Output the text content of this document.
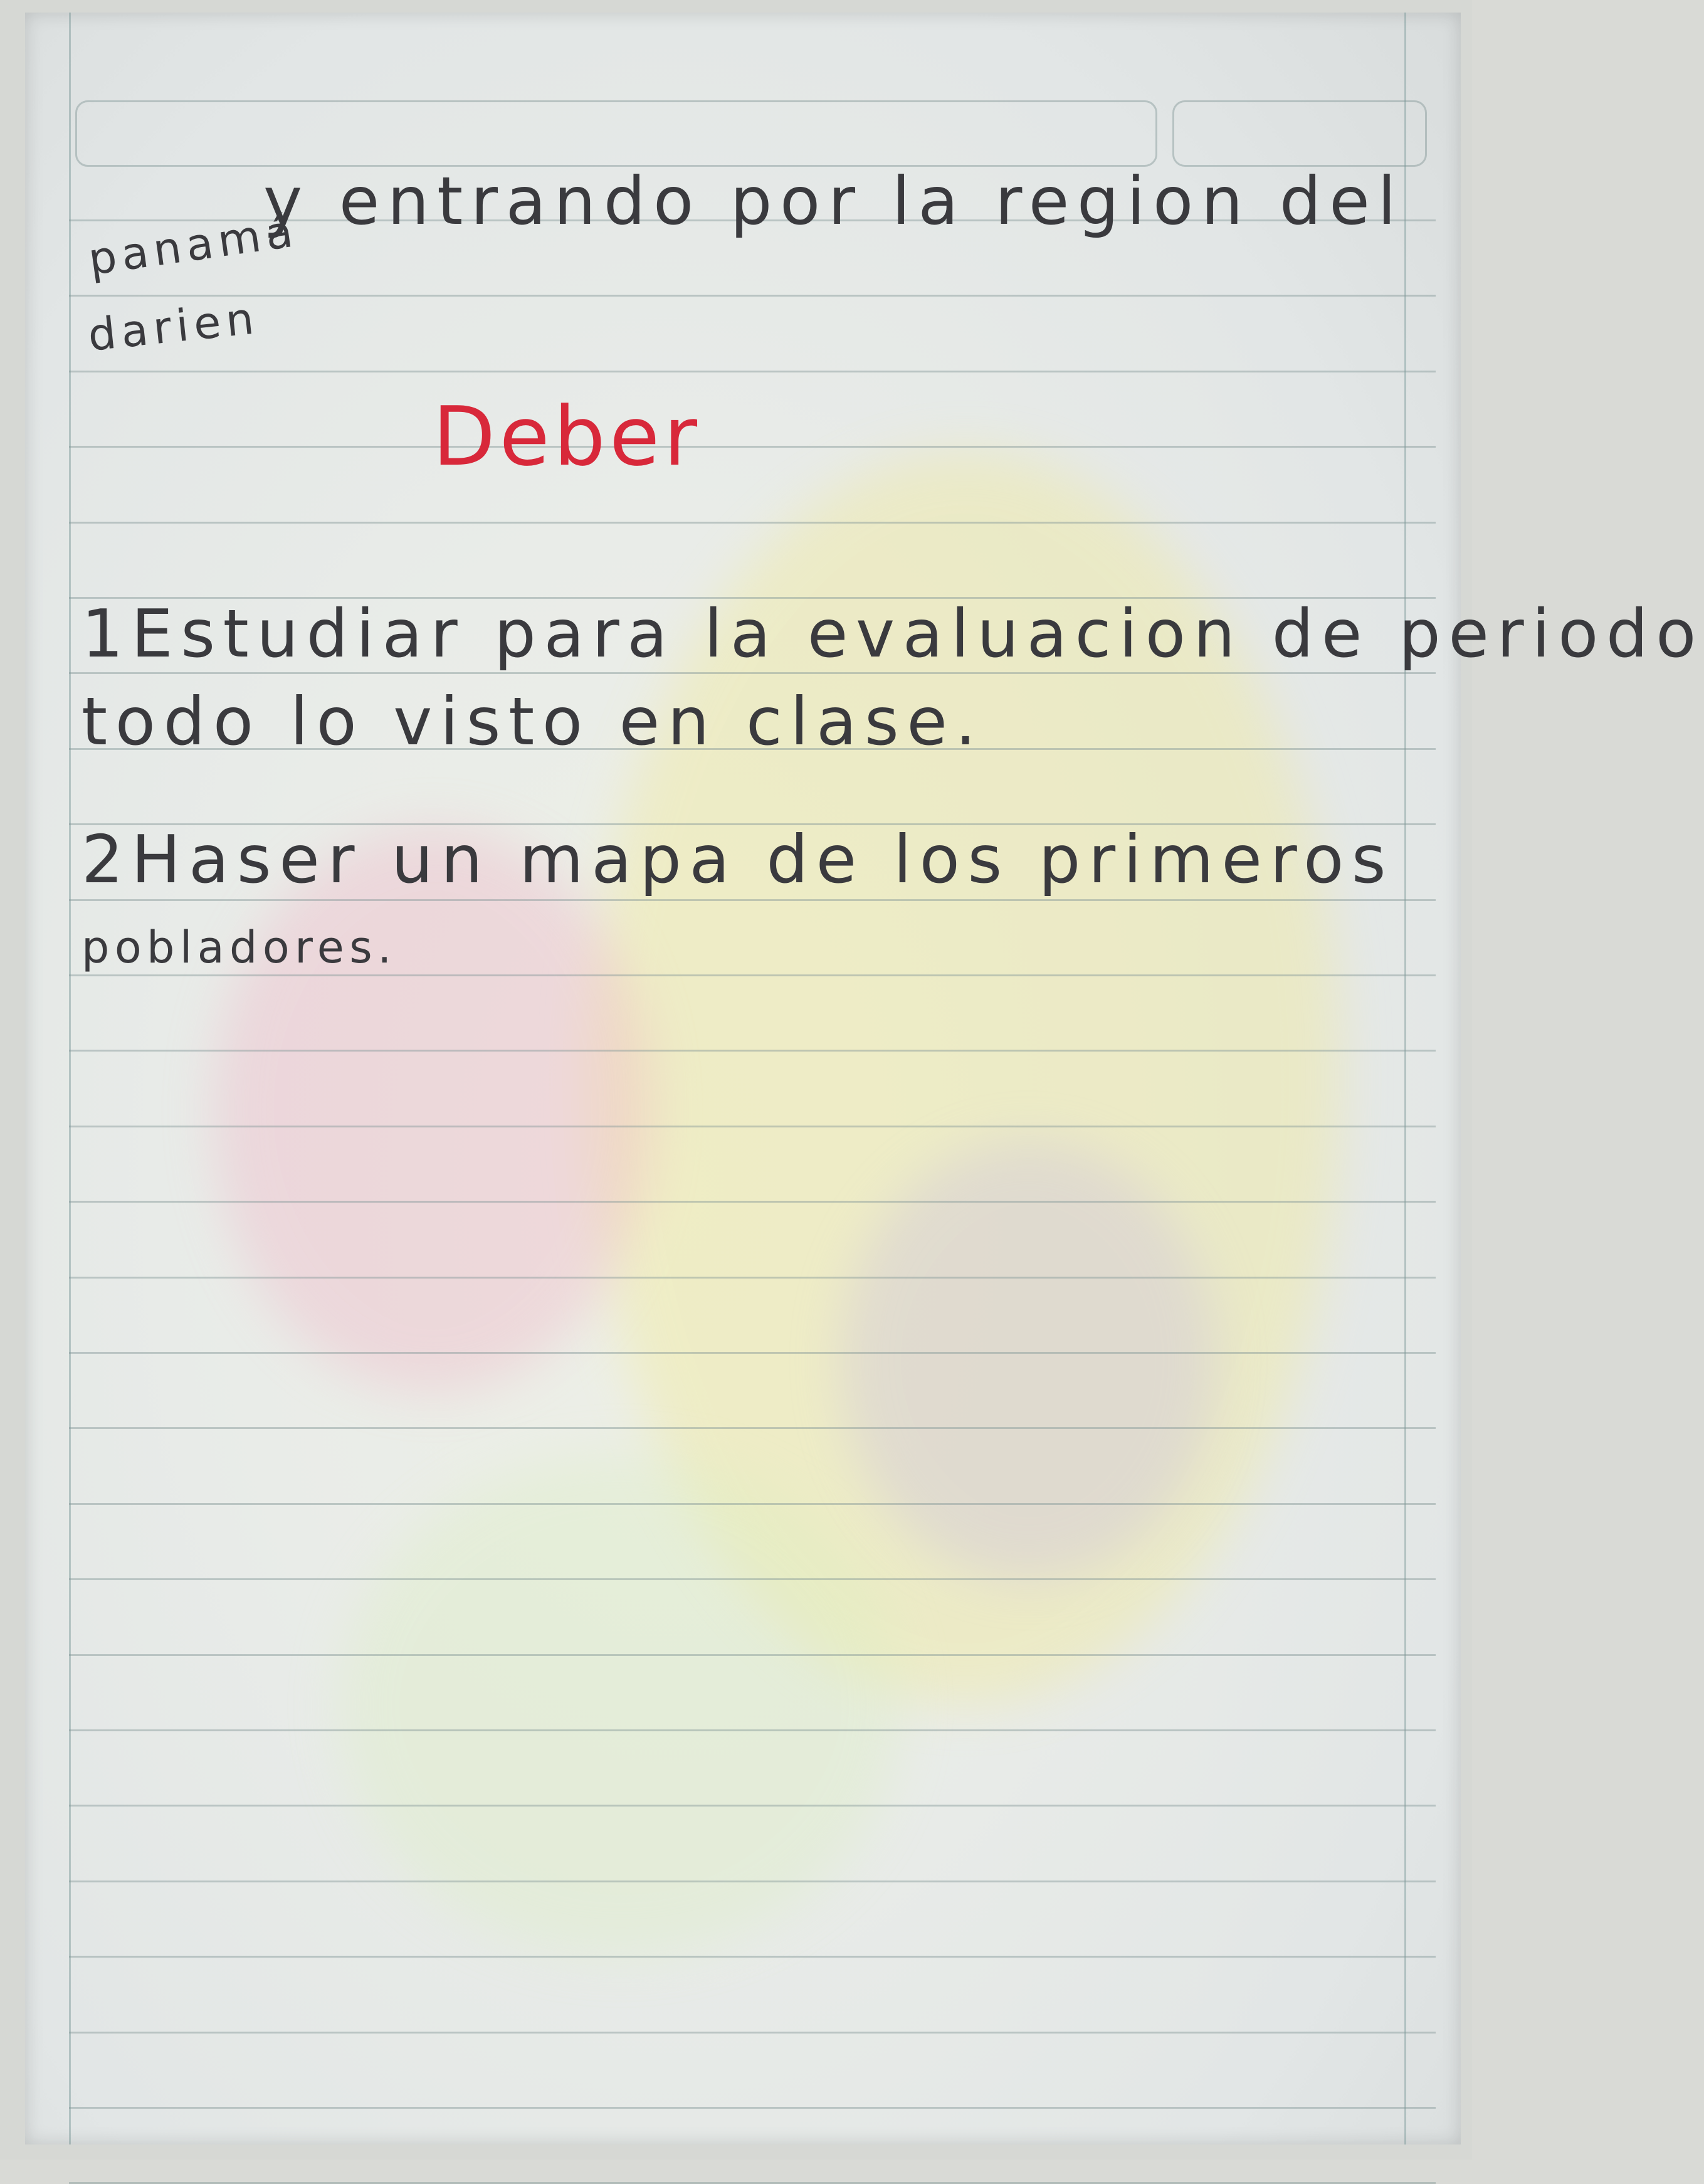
panamá
y entrando por la region del
darien
Deber
1Estudiar para la evaluacion de periodo
todo lo visto en clase.
2Haser un mapa de los primeros
pobladores.
